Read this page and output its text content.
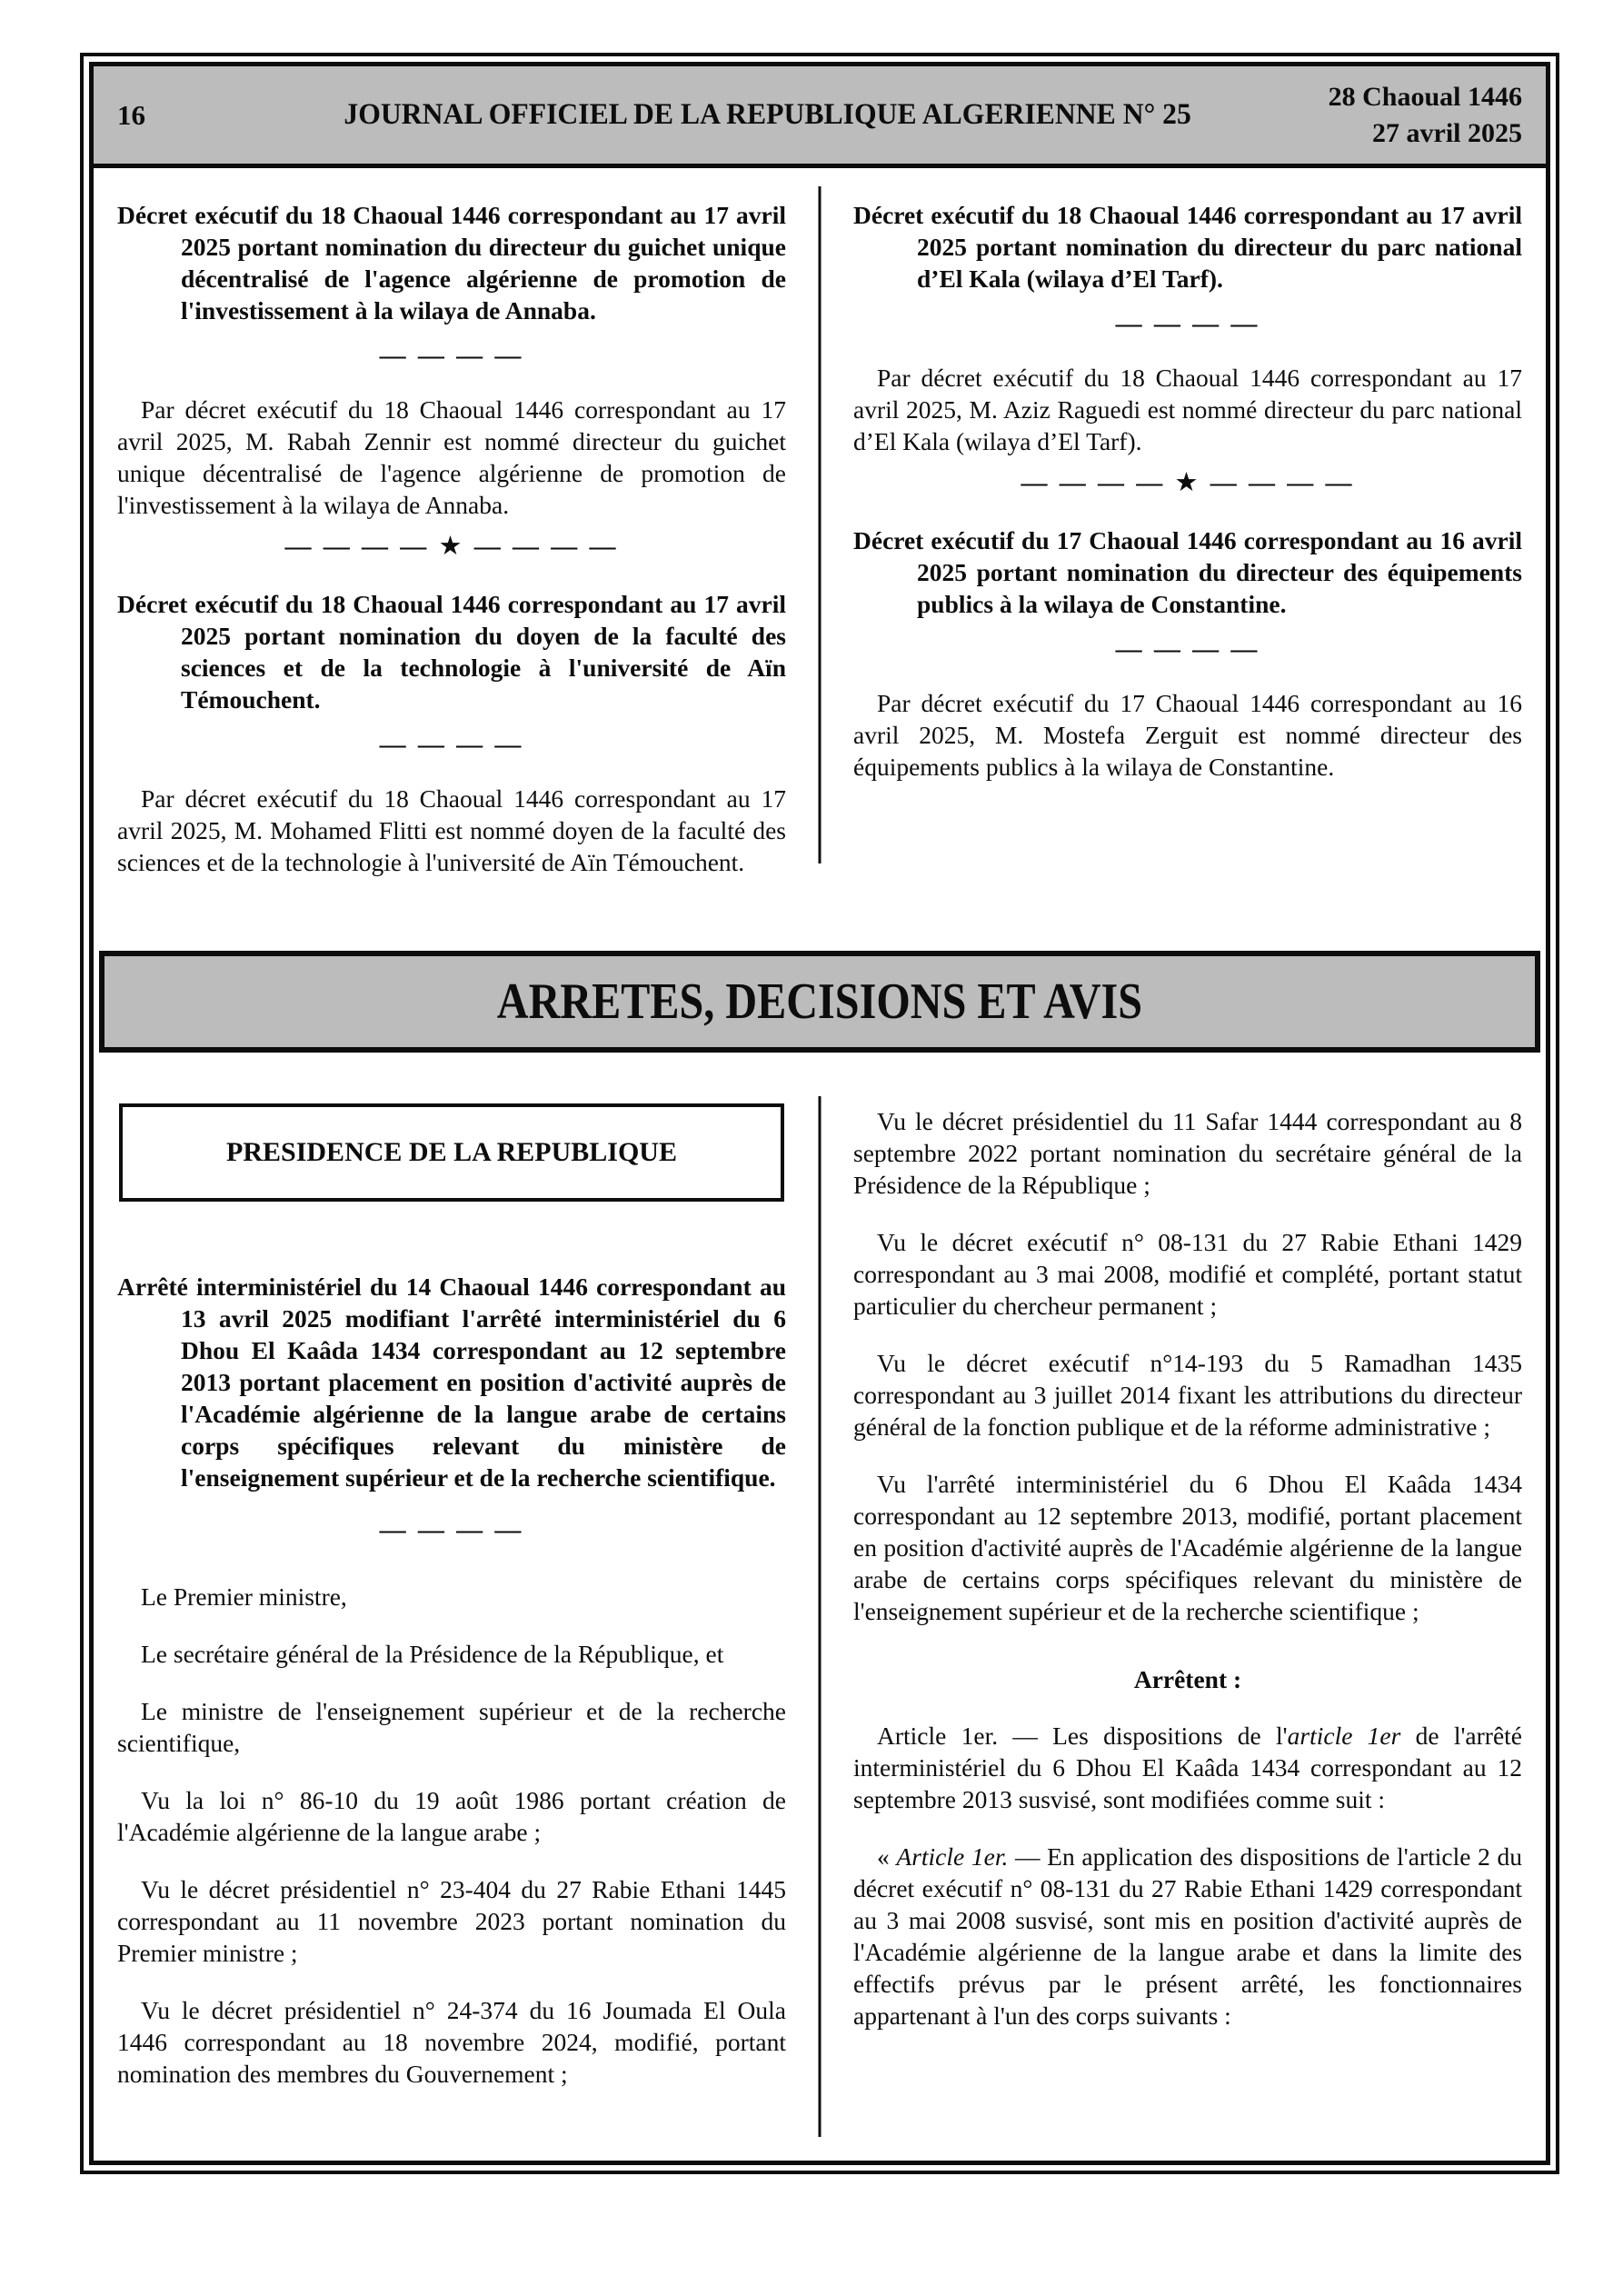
16	JOURNAL OFFICIEL DE LA REPUBLIQUE ALGERIENNE N° 25
28 Chaoual 1446
27 avril 2025
Décret exécutif du 18 Chaoual 1446 correspondant au 17 avril 2025 portant nomination du directeur du guichet unique décentralisé de l'agence algérienne de promotion de l'investissement à la wilaya de Annaba.
— — — —

Par décret exécutif du 18 Chaoual 1446 correspondant au 17 avril 2025, M. Rabah Zennir est nommé directeur du guichet unique décentralisé de l'agence algérienne de promotion de l'investissement à la wilaya de Annaba.

— — — — ★ — — — —
Décret exécutif du 18 Chaoual 1446 correspondant au 17 avril 2025 portant nomination du doyen de la faculté des sciences et de la technologie à l'université de Aïn Témouchent.
— — — —

Par décret exécutif du 18 Chaoual 1446 correspondant au 17 avril 2025, M. Mohamed Flitti est nommé doyen de la faculté des sciences et de la technologie à l'université de Aïn Témouchent.

Décret exécutif du 18 Chaoual 1446 correspondant au 17 avril 2025 portant nomination du directeur du parc national d’El Kala (wilaya d’El Tarf).
— — — —

Par décret exécutif du 18 Chaoual 1446 correspondant au 17 avril 2025, M. Aziz Raguedi est nommé directeur du parc national d’El Kala (wilaya d’El Tarf).

— — — — ★ — — — —
Décret exécutif du 17 Chaoual 1446 correspondant au 16 avril 2025 portant nomination du directeur des équipements publics à la wilaya de Constantine.
— — — —

Par décret exécutif du 17 Chaoual 1446 correspondant au 16 avril 2025, M. Mostefa Zerguit est nommé directeur des équipements publics à la wilaya de Constantine.

ARRETES, DECISIONS ET AVIS
PRESIDENCE DE LA REPUBLIQUE
Arrêté interministériel du 14 Chaoual 1446 correspondant au 13 avril 2025 modifiant l'arrêté interministériel du 6 Dhou El Kaâda 1434 correspondant au 12 septembre 2013 portant placement en position d'activité auprès de l'Académie algérienne de la langue arabe de certains corps spécifiques relevant du ministère de l'enseignement supérieur et de la recherche scientifique.
— — — —

Le Premier ministre,

Le secrétaire général de la Présidence de la République, et

Le ministre de l'enseignement supérieur et de la recherche scientifique,

Vu la loi n° 86-10 du 19 août 1986 portant création de l'Académie algérienne de la langue arabe ;

Vu le décret présidentiel n° 23-404 du 27 Rabie Ethani 1445 correspondant au 11 novembre 2023 portant nomination du Premier ministre ;

Vu le décret présidentiel n° 24-374 du 16 Joumada El Oula 1446 correspondant au 18 novembre 2024, modifié, portant nomination des membres du Gouvernement ;

Vu le décret présidentiel du 11 Safar 1444 correspondant au 8 septembre 2022 portant nomination du secrétaire général de la Présidence de la République ;

Vu le décret exécutif n° 08-131 du 27 Rabie Ethani 1429 correspondant au 3 mai 2008, modifié et complété, portant statut particulier du chercheur permanent ;

Vu le décret exécutif n°14-193 du 5 Ramadhan 1435 correspondant au 3 juillet 2014 fixant les attributions du directeur général de la fonction publique et de la réforme administrative ;

Vu l'arrêté interministériel du 6 Dhou El Kaâda 1434 correspondant au 12 septembre 2013, modifié, portant placement en position d'activité auprès de l'Académie algérienne de la langue arabe de certains corps spécifiques relevant du ministère de l'enseignement supérieur et de la recherche scientifique ;

Arrêtent :

Article 1er. — Les dispositions de l'article 1er de l'arrêté interministériel du 6 Dhou El Kaâda 1434 correspondant au 12 septembre 2013 susvisé, sont modifiées comme suit :

« Article 1er. — En application des dispositions de l'article 2 du décret exécutif n° 08-131 du 27 Rabie Ethani 1429 correspondant au 3 mai 2008 susvisé, sont mis en position d'activité auprès de l'Académie algérienne de la langue arabe et dans la limite des effectifs prévus par le présent arrêté, les fonctionnaires appartenant à l'un des corps suivants :
